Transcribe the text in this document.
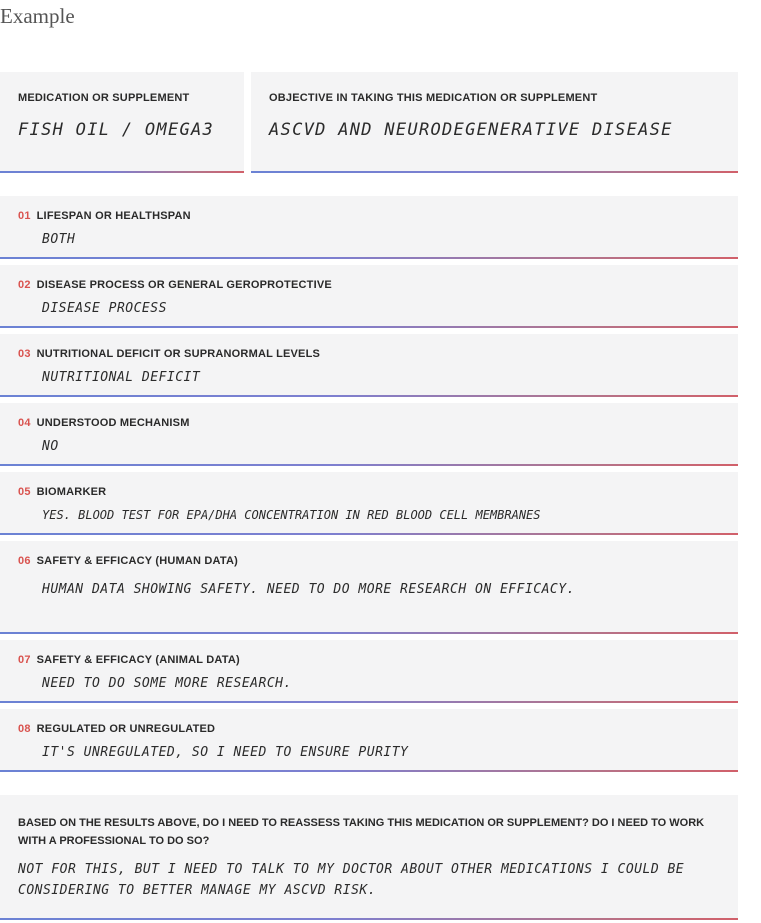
Example
MEDICATION OR SUPPLEMENT
FISH OIL / OMEGA3
OBJECTIVE IN TAKING THIS MEDICATION OR SUPPLEMENT
ASCVD AND NEURODEGENERATIVE DISEASE
01 LIFESPAN OR HEALTHSPAN
BOTH
02 DISEASE PROCESS OR GENERAL GEROPROTECTIVE
DISEASE PROCESS
03 NUTRITIONAL DEFICIT OR SUPRANORMAL LEVELS
NUTRITIONAL DEFICIT
04 UNDERSTOOD MECHANISM
NO
05 BIOMARKER
YES. BLOOD TEST FOR EPA/DHA CONCENTRATION IN RED BLOOD CELL MEMBRANES
06 SAFETY & EFFICACY (HUMAN DATA)
HUMAN DATA SHOWING SAFETY. NEED TO DO MORE RESEARCH ON EFFICACY.
07 SAFETY & EFFICACY (ANIMAL DATA)
NEED TO DO SOME MORE RESEARCH.
08 REGULATED OR UNREGULATED
IT'S UNREGULATED, SO I NEED TO ENSURE PURITY
BASED ON THE RESULTS ABOVE, DO I NEED TO REASSESS TAKING THIS MEDICATION OR SUPPLEMENT? DO I NEED TO WORK WITH A PROFESSIONAL TO DO SO?
NOT FOR THIS, BUT I NEED TO TALK TO MY DOCTOR ABOUT OTHER MEDICATIONS I COULD BE CONSIDERING TO BETTER MANAGE MY ASCVD RISK.
